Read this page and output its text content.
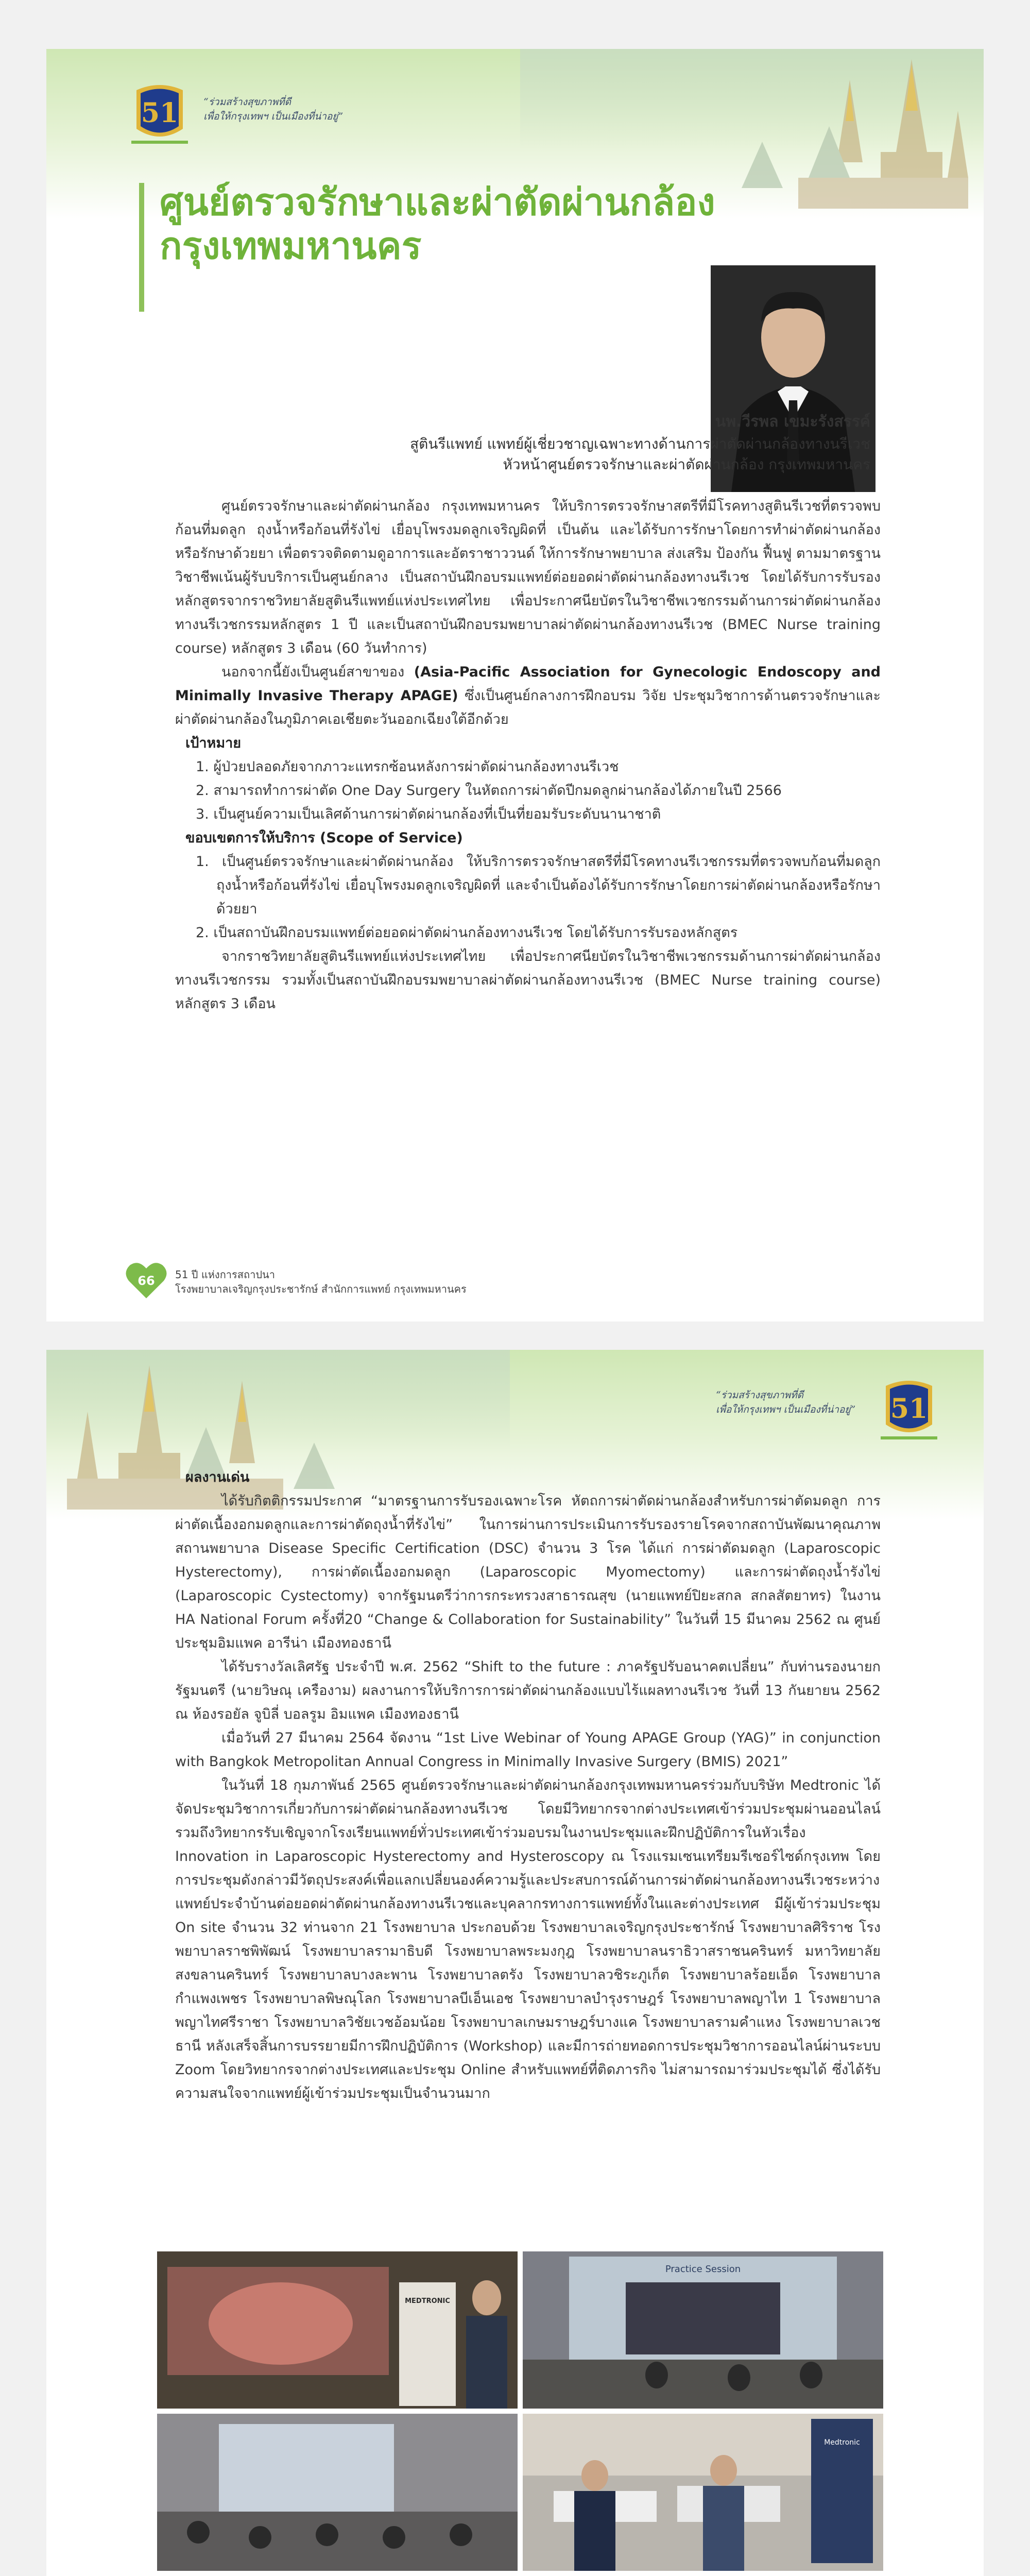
51	“ร่วมสร้างสุขภาพที่ดี
เพื่อให้กรุงเทพฯ เป็นเมืองที่น่าอยู่”
ศูนย์ตรวจรักษาและผ่าตัดผ่านกล้อง
กรุงเทพมหานคร
นพ.วีรพล เขมะรังสรรค์
สูตินรีแพทย์ แพทย์ผู้เชี่ยวชาญเฉพาะทางด้านการผ่าตัดผ่านกล้องทางนรีเวช
หัวหน้าศูนย์ตรวจรักษาและผ่าตัดผ่านกล้อง กรุงเทพมหานคร

ศูนย์ตรวจรักษาและผ่าตัดผ่านกล้อง กรุงเทพมหานคร ให้บริการตรวจรักษาสตรีที่มีโรคทางสูตินรีเวชที่ตรวจพบก้อนที่มดลูก ถุงน้ำหรือก้อนที่รังไข่ เยื่อบุโพรงมดลูกเจริญผิดที่ เป็นต้น และได้รับการรักษาโดยการทำผ่าตัดผ่านกล้อง หรือรักษาด้วยยา เพื่อตรวจติดตามดูอาการและอัตราชาววนด์ ให้การรักษาพยาบาล ส่งเสริม ป้องกัน ฟื้นฟู ตามมาตรฐานวิชาชีพเน้นผู้รับบริการเป็นศูนย์กลาง เป็นสถาบันฝึกอบรมแพทย์ต่อยอดผ่าตัดผ่านกล้องทางนรีเวช โดยได้รับการรับรองหลักสูตรจากราชวิทยาลัยสูตินรีแพทย์แห่งประเทศไทย เพื่อประกาศนียบัตรในวิชาชีพเวชกรรมด้านการผ่าตัดผ่านกล้องทางนรีเวชกรรมหลักสูตร 1 ปี และเป็นสถาบันฝึกอบรมพยาบาลผ่าตัดผ่านกล้องทางนรีเวช (BMEC Nurse training course) หลักสูตร 3 เดือน (60 วันทำการ)

นอกจากนี้ยังเป็นศูนย์สาขาของ (Asia-Pacific Association for Gynecologic Endoscopy and Minimally Invasive Therapy APAGE) ซึ่งเป็นศูนย์กลางการฝึกอบรม วิจัย ประชุมวิชาการด้านตรวจรักษาและผ่าตัดผ่านกล้องในภูมิภาคเอเชียตะวันออกเฉียงใต้อีกด้วย

เป้าหมาย

1. ผู้ป่วยปลอดภัยจากภาวะแทรกซ้อนหลังการผ่าตัดผ่านกล้องทางนรีเวช
2. สามารถทำการผ่าตัด One Day Surgery ในหัตถการผ่าตัดปีกมดลูกผ่านกล้องได้ภายในปี 2566
3. เป็นศูนย์ความเป็นเลิศด้านการผ่าตัดผ่านกล้องที่เป็นที่ยอมรับระดับนานาชาติ

ขอบเขตการให้บริการ (Scope of Service)

1. เป็นศูนย์ตรวจรักษาและผ่าตัดผ่านกล้อง ให้บริการตรวจรักษาสตรีที่มีโรคทางนรีเวชกรรมที่ตรวจพบก้อนที่มดลูก ถุงน้ำหรือก้อนที่รังไข่ เยื่อบุโพรงมดลูกเจริญผิดที่ และจำเป็นต้องได้รับการรักษาโดยการผ่าตัดผ่านกล้องหรือรักษาด้วยยา
2. เป็นสถาบันฝึกอบรมแพทย์ต่อยอดผ่าตัดผ่านกล้องทางนรีเวช โดยได้รับการรับรองหลักสูตร

จากราชวิทยาลัยสูตินรีแพทย์แห่งประเทศไทย เพื่อประกาศนียบัตรในวิชาชีพเวชกรรมด้านการผ่าตัดผ่านกล้องทางนรีเวชกรรม รวมทั้งเป็นสถาบันฝึกอบรมพยาบาลผ่าตัดผ่านกล้องทางนรีเวช (BMEC Nurse training course) หลักสูตร 3 เดือน

66 51 ปี แห่งการสถาปนา
โรงพยาบาลเจริญกรุงประชารักษ์ สำนักการแพทย์ กรุงเทพมหานคร
“ร่วมสร้างสุขภาพที่ดี
เพื่อให้กรุงเทพฯ เป็นเมืองที่น่าอยู่” 51

ผลงานเด่น

ได้รับกิตติกรรมประกาศ “มาตรฐานการรับรองเฉพาะโรค หัตถการผ่าตัดผ่านกล้องสำหรับการผ่าตัดมดลูก การผ่าตัดเนื้องอกมดลูกและการผ่าตัดถุงน้ำที่รังไข่” ในการผ่านการประเมินการรับรองรายโรคจากสถาบันพัฒนาคุณภาพสถานพยาบาล Disease Specific Certification (DSC) จำนวน 3 โรค ได้แก่ การผ่าตัดมดลูก (Laparoscopic Hysterectomy), การผ่าตัดเนื้องอกมดลูก (Laparoscopic Myomectomy) และการผ่าตัดถุงน้ำรังไข่ (Laparoscopic Cystectomy) จากรัฐมนตรีว่าการกระทรวงสาธารณสุข (นายแพทย์ปิยะสกล สกลสัตยาทร) ในงาน HA National Forum ครั้งที่20 “Change & Collaboration for Sustainability” ในวันที่ 15 มีนาคม 2562 ณ ศูนย์ประชุมอิมแพค อารีน่า เมืองทองธานี

ได้รับรางวัลเลิศรัฐ ประจำปี พ.ศ. 2562 “Shift to the future : ภาครัฐปรับอนาคตเปลี่ยน” กับท่านรองนายกรัฐมนตรี (นายวิษณุ เครืองาม) ผลงานการให้บริการการผ่าตัดผ่านกล้องแบบไร้แผลทางนรีเวช วันที่ 13 กันยายน 2562 ณ ห้องรอยัล จูบิลี่ บอลรูม อิมแพค เมืองทองธานี

เมื่อวันที่ 27 มีนาคม 2564 จัดงาน “1st Live Webinar of Young APAGE Group (YAG)” in conjunction with Bangkok Metropolitan Annual Congress in Minimally Invasive Surgery (BMIS) 2021”

ในวันที่ 18 กุมภาพันธ์ 2565 ศูนย์ตรวจรักษาและผ่าตัดผ่านกล้องกรุงเทพมหานครร่วมกับบริษัท Medtronic ได้จัดประชุมวิชาการเกี่ยวกับการผ่าตัดผ่านกล้องทางนรีเวช โดยมีวิทยากรจากต่างประเทศเข้าร่วมประชุมผ่านออนไลน์ รวมถึงวิทยากรรับเชิญจากโรงเรียนแพทย์ทั่วประเทศเข้าร่วมอบรมในงานประชุมและฝึกปฏิบัติการในหัวเรื่อง Innovation in Laparoscopic Hysterectomy and Hysteroscopy ณ โรงแรมเซนเทรียมรีเซอร์ไซด์กรุงเทพ โดยการประชุมดังกล่าวมีวัตถุประสงค์เพื่อแลกเปลี่ยนองค์ความรู้และประสบการณ์ด้านการผ่าตัดผ่านกล้องทางนรีเวชระหว่างแพทย์ประจำบ้านต่อยอดผ่าตัดผ่านกล้องทางนรีเวชและบุคลากรทางการแพทย์ทั้งในและต่างประเทศ มีผู้เข้าร่วมประชุม On site จำนวน 32 ท่านจาก 21 โรงพยาบาล ประกอบด้วย โรงพยาบาลเจริญกรุงประชารักษ์ โรงพยาบาลศิริราช โรงพยาบาลราชพิพัฒน์ โรงพยาบาลรามาธิบดี โรงพยาบาลพระมงกุฎ โรงพยาบาลนราธิวาสราชนครินทร์ มหาวิทยาลัยสงขลานครินทร์ โรงพยาบาลบางละพาน โรงพยาบาลตรัง โรงพยาบาลวชิระภูเก็ต โรงพยาบาลร้อยเอ็ด โรงพยาบาลกำแพงเพชร โรงพยาบาลพิษณุโลก โรงพยาบาลบีเอ็นเอช โรงพยาบาลบำรุงราษฎร์ โรงพยาบาลพญาไท 1 โรงพยาบาลพญาไทศรีราชา โรงพยาบาลวิชัยเวชอ้อมน้อย โรงพยาบาลเกษมราษฎร์บางแค โรงพยาบาลรามคำแหง โรงพยาบาลเวชธานี หลังเสร็จสิ้นการบรรยายมีการฝึกปฏิบัติการ (Workshop) และมีการถ่ายทอดการประชุมวิชาการออนไลน์ผ่านระบบ Zoom โดยวิทยากรจากต่างประเทศและประชุม Online สำหรับแพทย์ที่ติดภารกิจ ไม่สามารถมาร่วมประชุมได้ ซึ่งได้รับความสนใจจากแพทย์ผู้เข้าร่วมประชุมเป็นจำนวนมาก

MEDTRONIC
Practice Session
Medtronic
